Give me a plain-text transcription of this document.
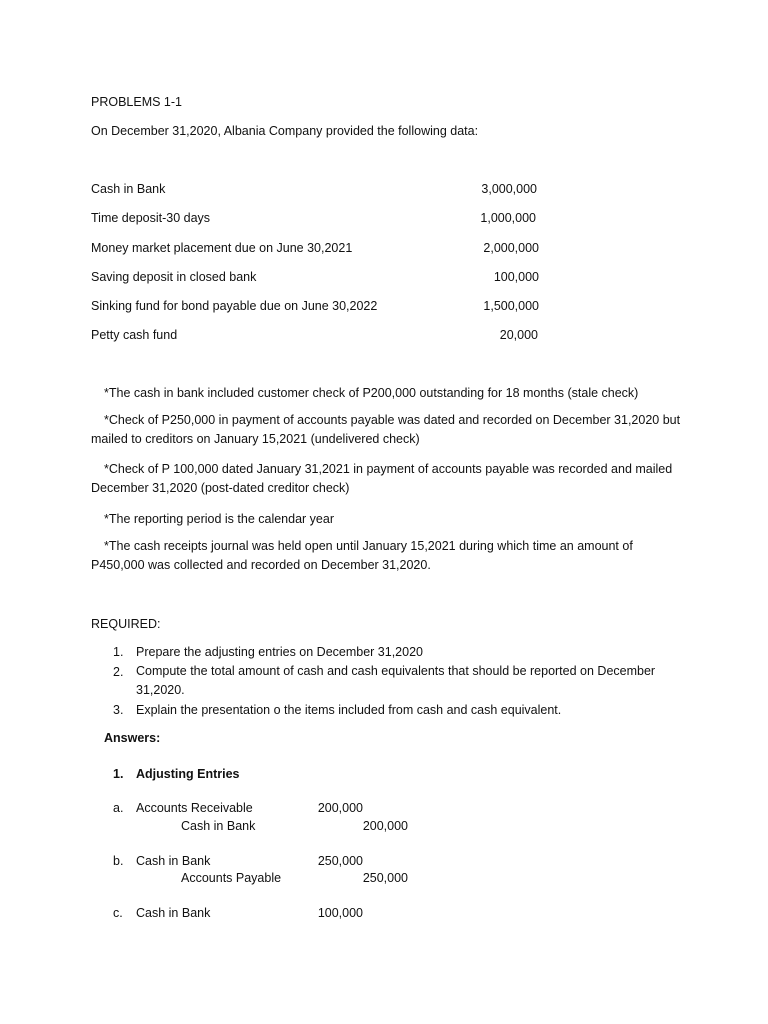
PROBLEMS 1-1
On December 31,2020, Albania Company provided the following data:
Cash in Bank	3,000,000
Time deposit-30 days	1,000,000
Money market placement due on June 30,2021	2,000,000
Saving deposit in closed bank	100,000
Sinking fund for bond payable due on June 30,2022	1,500,000
Petty cash fund	20,000
*The cash in bank included customer check of P200,000 outstanding for 18 months (stale check)
*Check of P250,000 in payment of accounts payable was dated and recorded on December 31,2020 but mailed to creditors on January 15,2021 (undelivered check)
*Check of P 100,000 dated January 31,2021 in payment of accounts payable was recorded and mailed December 31,2020 (post-dated creditor check)
*The reporting period is the calendar year
*The cash receipts journal was held open until January 15,2021 during which time an amount of P450,000 was collected and recorded on December 31,2020.
REQUIRED:
1. Prepare the adjusting entries on December 31,2020
2. Compute the total amount of cash and cash equivalents that should be reported on December 31,2020.
3. Explain the presentation o the items included from cash and cash equivalent.
Answers:
1. Adjusting Entries
a. Accounts Receivable	200,000
Cash in Bank	200,000
b. Cash in Bank	250,000
Accounts Payable	250,000
c. Cash in Bank	100,000
